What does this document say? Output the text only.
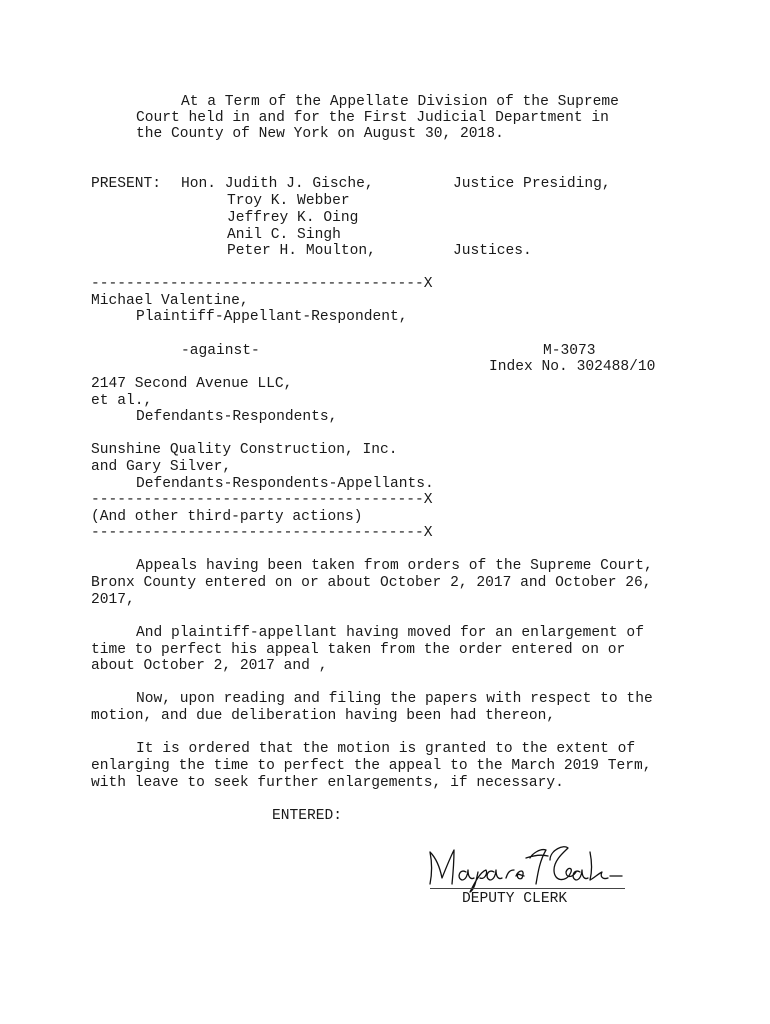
At a Term of the Appellate Division of the Supreme
Court held in and for the First Judicial Department in
the County of New York on August 30, 2018.
PRESENT: Hon. Judith J. Gische,	Justice Presiding,
Troy K. Webber
Jeffrey K. Oing
Anil C. Singh
Peter H. Moulton,	Justices.
--------------------------------------X
Michael Valentine,
Plaintiff-Appellant-Respondent,
-against-	M-3073
Index No. 302488/10
2147 Second Avenue LLC,
et al.,
Defendants-Respondents,
Sunshine Quality Construction, Inc.
and Gary Silver,
Defendants-Respondents-Appellants.
--------------------------------------X
(And other third-party actions)
--------------------------------------X
Appeals having been taken from orders of the Supreme Court,
Bronx County entered on or about October 2, 2017 and October 26,
2017,
And plaintiff-appellant having moved for an enlargement of
time to perfect his appeal taken from the order entered on or
about October 2, 2017 and ,
Now, upon reading and filing the papers with respect to the
motion, and due deliberation having been had thereon,
It is ordered that the motion is granted to the extent of
enlarging the time to perfect the appeal to the March 2019 Term,
with leave to seek further enlargements, if necessary.
ENTERED:
DEPUTY CLERK
